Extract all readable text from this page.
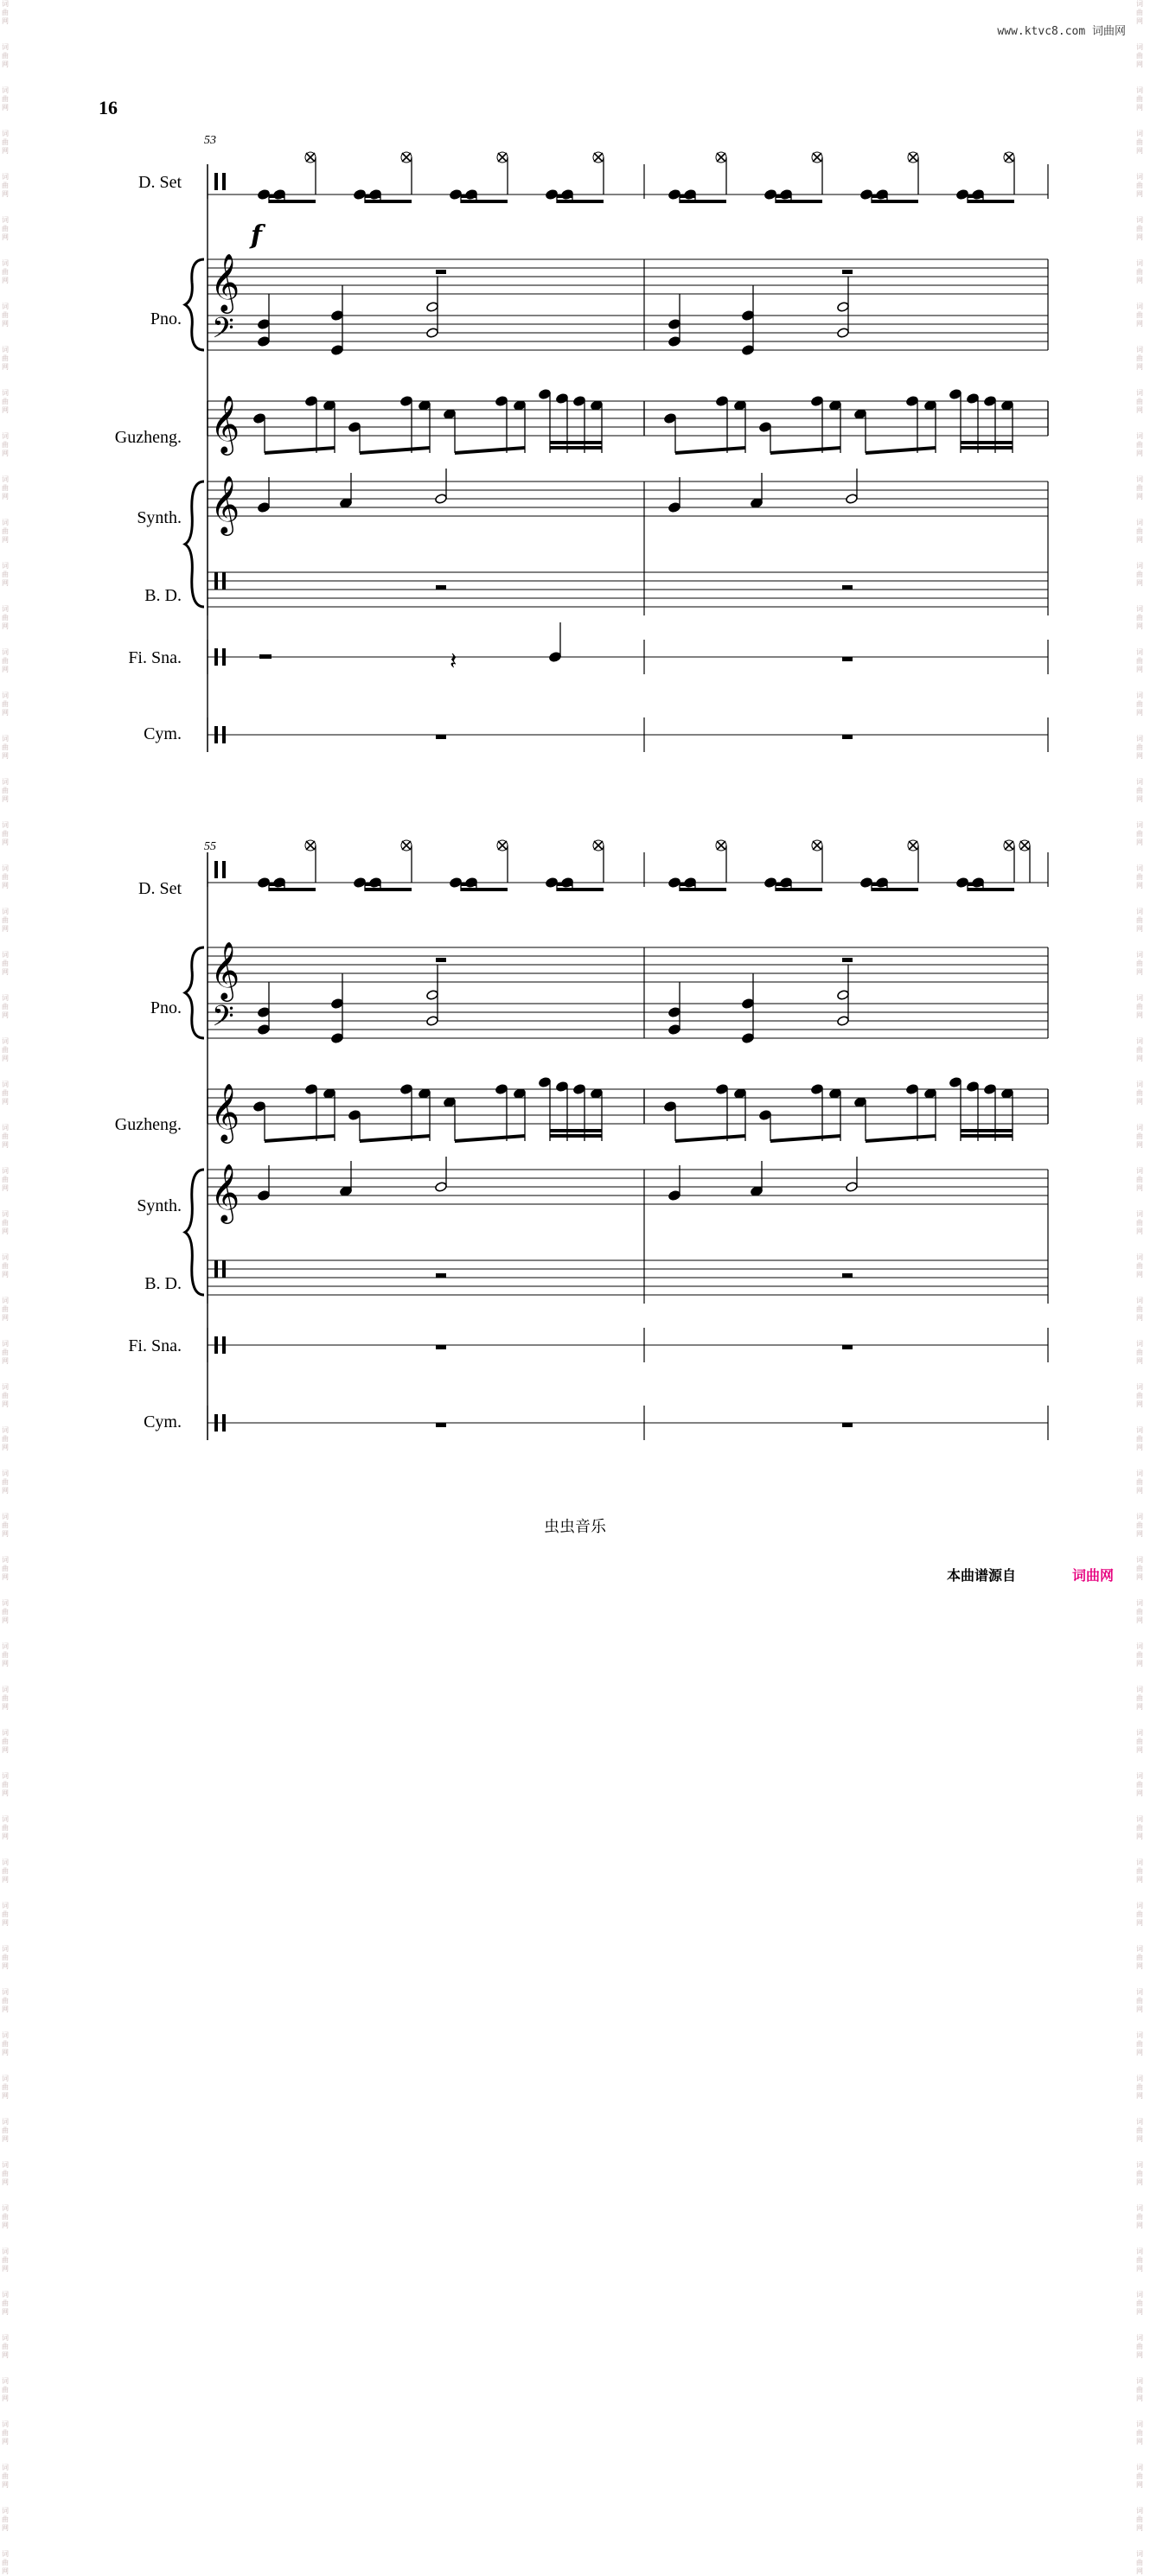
词
曲
网

词
曲
网

词
曲
网

词
曲
网

词
曲
网

词
曲
网

词
曲
网

词
曲
网

词
曲
网

词
曲
网

词
曲
网

词
曲
网

词
曲
网

词
曲
网

词
曲
网

词
曲
网

词
曲
网

词
曲
网

词
曲
网

词
曲
网

词
曲
网

词
曲
网

词
曲
网

词
曲
网

词
曲
网

词
曲
网

词
曲
网

词
曲
网

词
曲
网

词
曲
网

词
曲
网

词
曲
网

词
曲
网

词
曲
网

词
曲
网

词
曲
网

词
曲
网

词
曲
网

词
曲
网

词
曲
网

词
曲
网

词
曲
网

词
曲
网

词
曲
网

词
曲
网

词
曲
网

词
曲
网

词
曲
网

词
曲
网

词
曲
网

词
曲
网

词
曲
网

词
曲
网

词
曲
网

词
曲
网

词
曲
网

词
曲
网

词
曲
网

词
曲
网

词
曲
网

词
曲
网

词
曲
网

词
曲
网

词
曲
网

词
曲
网

词
曲
网

词
曲
网

词
曲
网

词
曲
网

词
曲
网

词
曲
网

词
曲
网

词
曲
网

词
曲
网

词
曲
网

词
曲
网

词
曲
网

词
曲
网

词
曲
网

词
曲
网

词
曲
网

词
曲
网

词
曲
网

词
曲
网

词
曲
网

词
曲
网

词
曲
网

词
曲
网

词
曲
网

词
曲
网

词
曲
网

词
曲
网

词
曲
网

词
曲
网

词
曲
网

词
曲
网

词
曲
网

词
曲
网

词
曲
网

词
曲
网

词
曲
网

词
曲
网

词
曲
网

词
曲
网

词
曲
网

词
曲
网

词
曲
网

词
曲
网

词
曲
网

词
曲
网

词
曲
网

词
曲
网

词
曲
网

词
曲
网

词
曲
网

词
曲
网

词
曲
网

词
曲
网

词
曲
网

词
曲
网

www.ktvc8.com 词曲网
16
53
D. Set
Pno.
Guzheng.
Synth.
B. D.
Fi. Sna.
Cym.
55
D. Set
Pno.
Guzheng.
Synth.
B. D.
Fi. Sna.
Cym.
𝄞
𝄢
f
𝄞
𝄞
𝄽
𝄞
𝄢
𝄞
𝄞
虫虫音乐
本曲谱源自	词曲网
